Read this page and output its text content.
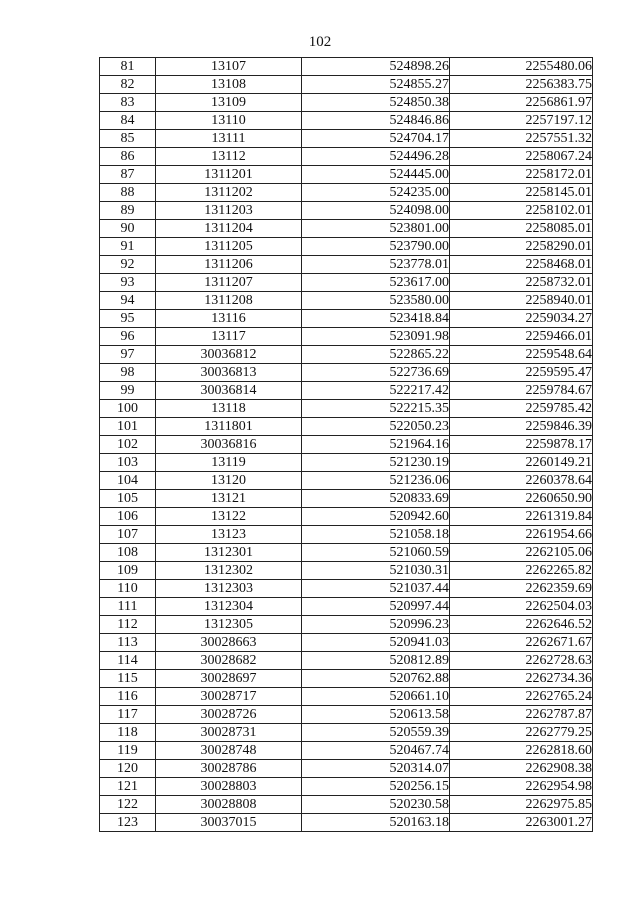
102
81	13107	524898.26	2255480.06
82	13108	524855.27	2256383.75
83	13109	524850.38	2256861.97
84	13110	524846.86	2257197.12
85	13111	524704.17	2257551.32
86	13112	524496.28	2258067.24
87	1311201	524445.00	2258172.01
88	1311202	524235.00	2258145.01
89	1311203	524098.00	2258102.01
90	1311204	523801.00	2258085.01
91	1311205	523790.00	2258290.01
92	1311206	523778.01	2258468.01
93	1311207	523617.00	2258732.01
94	1311208	523580.00	2258940.01
95	13116	523418.84	2259034.27
96	13117	523091.98	2259466.01
97	30036812	522865.22	2259548.64
98	30036813	522736.69	2259595.47
99	30036814	522217.42	2259784.67
100	13118	522215.35	2259785.42
101	1311801	522050.23	2259846.39
102	30036816	521964.16	2259878.17
103	13119	521230.19	2260149.21
104	13120	521236.06	2260378.64
105	13121	520833.69	2260650.90
106	13122	520942.60	2261319.84
107	13123	521058.18	2261954.66
108	1312301	521060.59	2262105.06
109	1312302	521030.31	2262265.82
110	1312303	521037.44	2262359.69
111	1312304	520997.44	2262504.03
112	1312305	520996.23	2262646.52
113	30028663	520941.03	2262671.67
114	30028682	520812.89	2262728.63
115	30028697	520762.88	2262734.36
116	30028717	520661.10	2262765.24
117	30028726	520613.58	2262787.87
118	30028731	520559.39	2262779.25
119	30028748	520467.74	2262818.60
120	30028786	520314.07	2262908.38
121	30028803	520256.15	2262954.98
122	30028808	520230.58	2262975.85
123	30037015	520163.18	2263001.27
